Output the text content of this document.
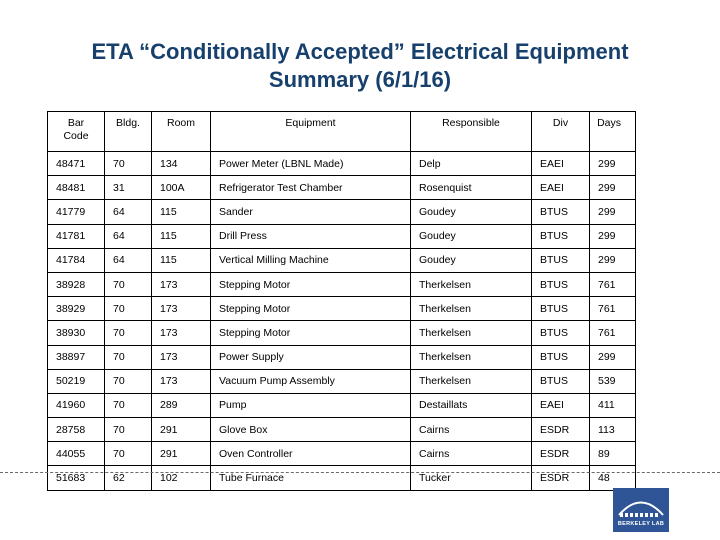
ETA “Conditionally Accepted” Electrical Equipment
Summary (6/1/16)
Bar
Code	Bldg.	Room	Equipment	Responsible	Div	Days
48471	70	134	Power Meter (LBNL Made)	Delp	EAEI	299
48481	31	100A	Refrigerator Test Chamber	Rosenquist	EAEI	299
41779	64	115	Sander	Goudey	BTUS	299
41781	64	115	Drill Press	Goudey	BTUS	299
41784	64	115	Vertical Milling Machine	Goudey	BTUS	299
38928	70	173	Stepping Motor	Therkelsen	BTUS	761
38929	70	173	Stepping Motor	Therkelsen	BTUS	761
38930	70	173	Stepping Motor	Therkelsen	BTUS	761
38897	70	173	Power Supply	Therkelsen	BTUS	299
50219	70	173	Vacuum Pump Assembly	Therkelsen	BTUS	539
41960	70	289	Pump	Destaillats	EAEI	411
28758	70	291	Glove Box	Cairns	ESDR	113
44055	70	291	Oven Controller	Cairns	ESDR	89
51683	62	102	Tube Furnace	Tucker	ESDR	48
BERKELEY LAB
